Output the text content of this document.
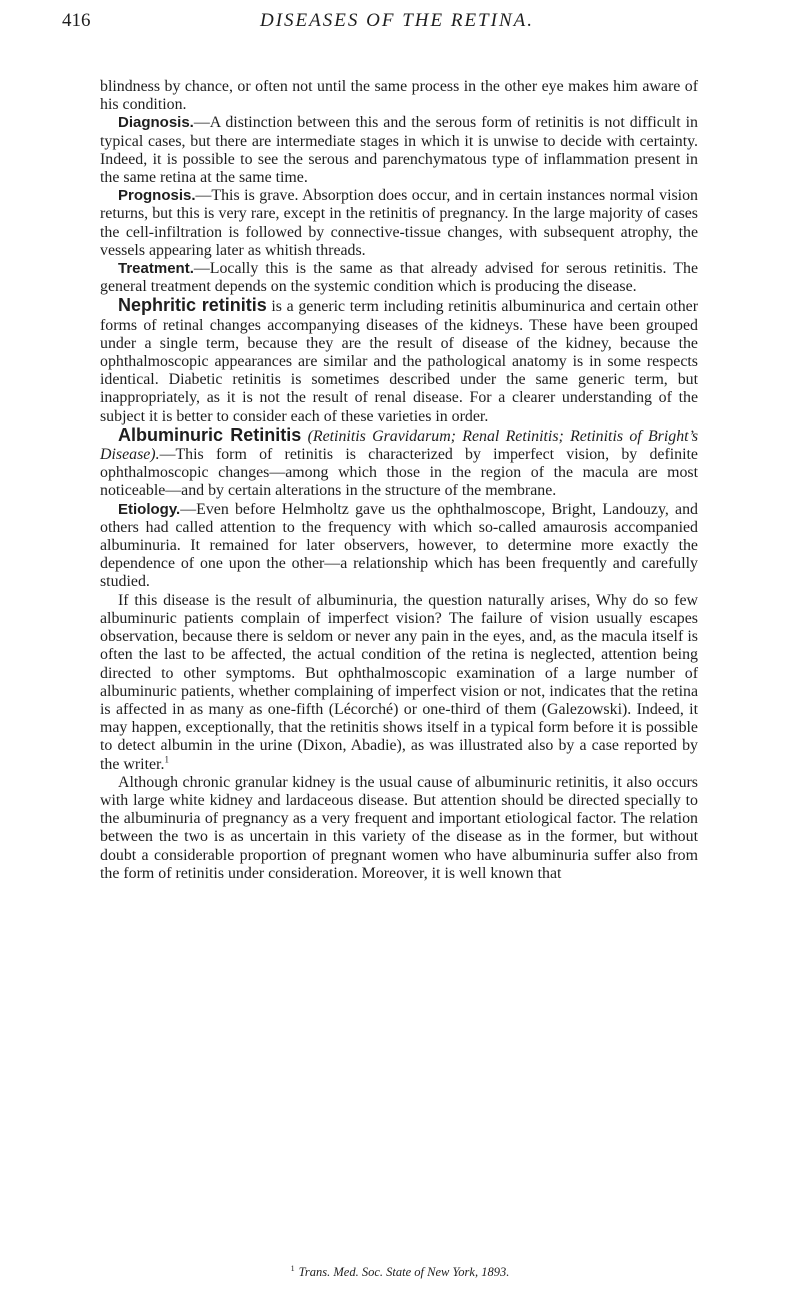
416	DISEASES OF THE RETINA.

blindness by chance, or often not until the same process in the other eye makes him aware of his condition.

Diagnosis.—A distinction between this and the serous form of retinitis is not difficult in typical cases, but there are intermediate stages in which it is unwise to decide with certainty. Indeed, it is possible to see the serous and parenchymatous type of inflammation present in the same retina at the same time.

Prognosis.—This is grave. Absorption does occur, and in certain instances normal vision returns, but this is very rare, except in the retinitis of pregnancy. In the large majority of cases the cell-infiltration is followed by connective-tissue changes, with subsequent atrophy, the vessels appearing later as whitish threads.

Treatment.—Locally this is the same as that already advised for serous retinitis. The general treatment depends on the systemic condition which is producing the disease.

Nephritic retinitis is a generic term including retinitis albuminurica and certain other forms of retinal changes accompanying diseases of the kidneys. These have been grouped under a single term, because they are the result of disease of the kidney, because the ophthalmoscopic appearances are similar and the pathological anatomy is in some respects identical. Diabetic retinitis is sometimes described under the same generic term, but inappropriately, as it is not the result of renal disease. For a clearer understanding of the subject it is better to consider each of these varieties in order.

Albuminuric Retinitis (Retinitis Gravidarum; Renal Retinitis; Retinitis of Bright’s Disease).—This form of retinitis is characterized by imperfect vision, by definite ophthalmoscopic changes—among which those in the region of the macula are most noticeable—and by certain alterations in the structure of the membrane.

Etiology.—Even before Helmholtz gave us the ophthalmoscope, Bright, Landouzy, and others had called attention to the frequency with which so-called amaurosis accompanied albuminuria. It remained for later observers, however, to determine more exactly the dependence of one upon the other—a relationship which has been frequently and carefully studied.

If this disease is the result of albuminuria, the question naturally arises, Why do so few albuminuric patients complain of imperfect vision? The failure of vision usually escapes observation, because there is seldom or never any pain in the eyes, and, as the macula itself is often the last to be affected, the actual condition of the retina is neglected, attention being directed to other symptoms. But ophthalmoscopic examination of a large number of albuminuric patients, whether complaining of imperfect vision or not, indicates that the retina is affected in as many as one-fifth (Lécorché) or one-third of them (Galezowski). Indeed, it may happen, exceptionally, that the retinitis shows itself in a typical form before it is possible to detect albumin in the urine (Dixon, Abadie), as was illustrated also by a case reported by the writer.$^1$

Although chronic granular kidney is the usual cause of albuminuric retinitis, it also occurs with large white kidney and lardaceous disease. But attention should be directed specially to the albuminuria of pregnancy as a very frequent and important etiological factor. The relation between the two is as uncertain in this variety of the disease as in the former, but without doubt a considerable proportion of pregnant women who have albuminuria suffer also from the form of retinitis under consideration. Moreover, it is well known that

$^1$ Trans. Med. Soc. State of New York, 1893.
